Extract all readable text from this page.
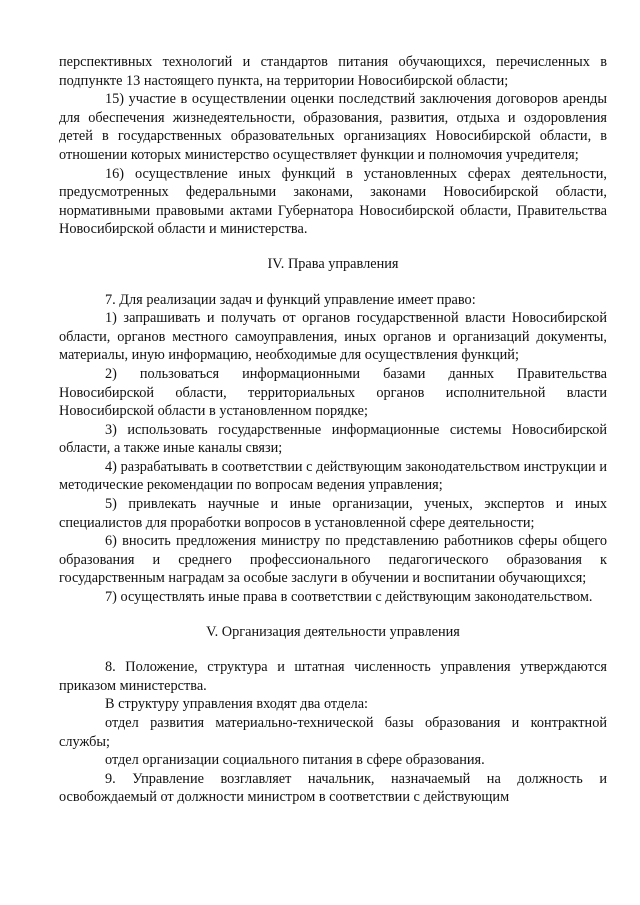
перспективных технологий и стандартов питания обучающихся, перечисленных в подпункте 13 настоящего пункта, на территории Новосибирской области;

15) участие в осуществлении оценки последствий заключения договоров аренды для обеспечения жизнедеятельности, образования, развития, отдыха и оздоровления детей в государственных образовательных организациях Новосибирской области, в отношении которых министерство осуществляет функции и полномочия учредителя;

16) осуществление иных функций в установленных сферах деятельности, предусмотренных федеральными законами, законами Новосибирской области, нормативными правовыми актами Губернатора Новосибирской области, Правительства Новосибирской области и министерства.

IV. Права управления

7. Для реализации задач и функций управление имеет право:

1) запрашивать и получать от органов государственной власти Новосибирской области, органов местного самоуправления, иных органов и организаций документы, материалы, иную информацию, необходимые для осуществления функций;

2) пользоваться информационными базами данных Правительства Новосибирской области, территориальных органов исполнительной власти Новосибирской области в установленном порядке;

3) использовать государственные информационные системы Новосибирской области, а также иные каналы связи;

4) разрабатывать в соответствии с действующим законодательством инструкции и методические рекомендации по вопросам ведения управления;

5) привлекать научные и иные организации, ученых, экспертов и иных специалистов для проработки вопросов в установленной сфере деятельности;

6) вносить предложения министру по представлению работников сферы общего образования и среднего профессионального педагогического образования к государственным наградам за особые заслуги в обучении и воспитании обучающихся;

7) осуществлять иные права в соответствии с действующим законодательством.

V. Организация деятельности управления

8. Положение, структура и штатная численность управления утверждаются приказом министерства.

В структуру управления входят два отдела:

отдел развития материально-технической базы образования и контрактной службы;

отдел организации социального питания в сфере образования.

9. Управление возглавляет начальник, назначаемый на должность и освобождаемый от должности министром в соответствии с действующим
